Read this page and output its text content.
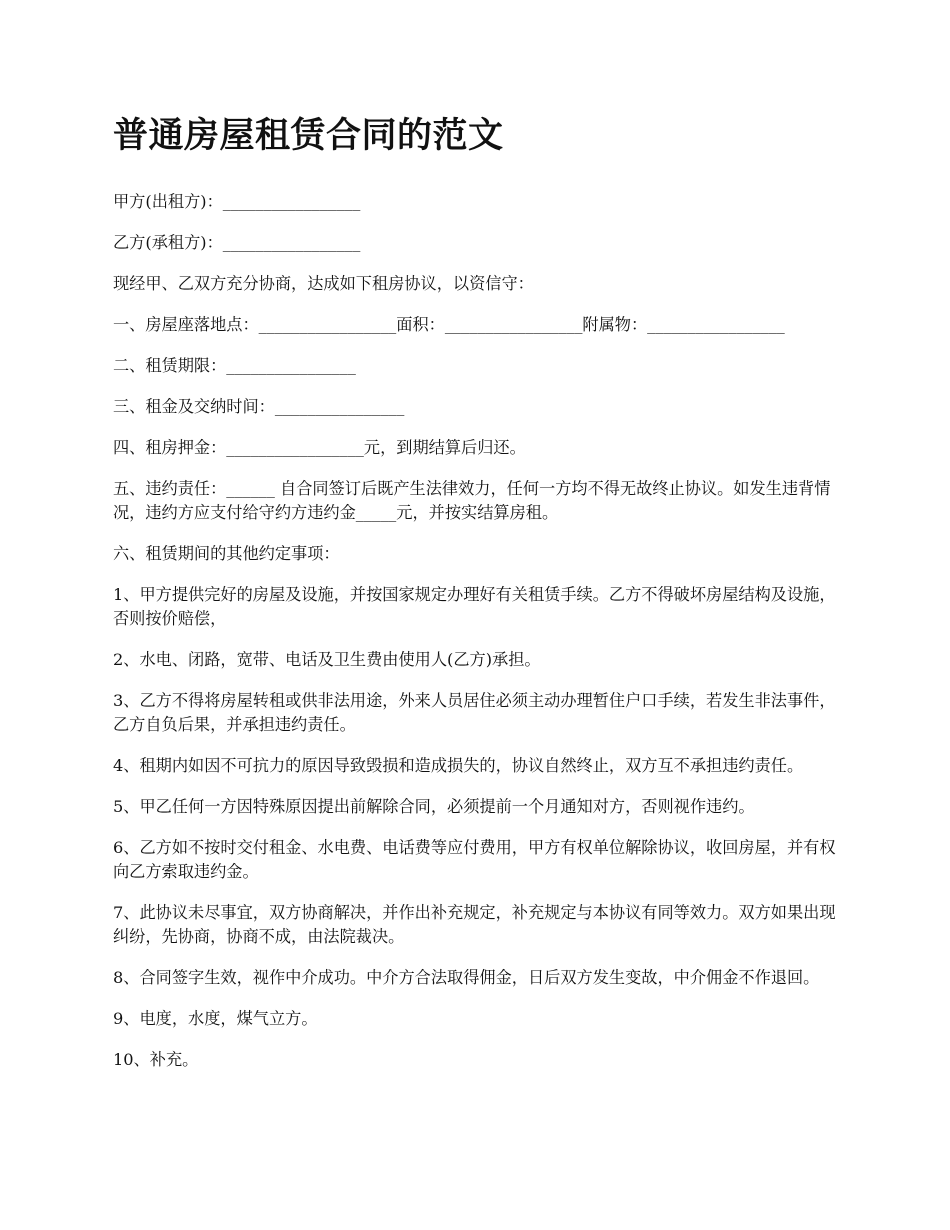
普通房屋租赁合同的范文

甲方(出租方)：_________________

乙方(承租方)：_________________

现经甲、乙双方充分协商，达成如下租房协议，以资信守：

一、房屋座落地点：_________________面积：_________________附属物：_________________

二、租赁期限：________________

三、租金及交纳时间：________________

四、租房押金：_________________元，到期结算后归还。

五、违约责任：______ 自合同签订后既产生法律效力，任何一方均不得无故终止协议。如发生违背情况，违约方应支付给守约方违约金_____元，并按实结算房租。

六、租赁期间的其他约定事项：

1、甲方提供完好的房屋及设施，并按国家规定办理好有关租赁手续。乙方不得破坏房屋结构及设施，否则按价赔偿，

2、水电、闭路，宽带、电话及卫生费由使用人(乙方)承担。

3、乙方不得将房屋转租或供非法用途，外来人员居住必须主动办理暂住户口手续，若发生非法事件，乙方自负后果，并承担违约责任。

4、租期内如因不可抗力的原因导致毁损和造成损失的，协议自然终止，双方互不承担违约责任。

5、甲乙任何一方因特殊原因提出前解除合同，必须提前一个月通知对方，否则视作违约。

6、乙方如不按时交付租金、水电费、电话费等应付费用，甲方有权单位解除协议，收回房屋，并有权向乙方索取违约金。

7、此协议未尽事宜，双方协商解决，并作出补充规定，补充规定与本协议有同等效力。双方如果出现纠纷，先协商，协商不成，由法院裁决。

8、合同签字生效，视作中介成功。中介方合法取得佣金，日后双方发生变故，中介佣金不作退回。

9、电度，水度，煤气立方。

10、补充。
